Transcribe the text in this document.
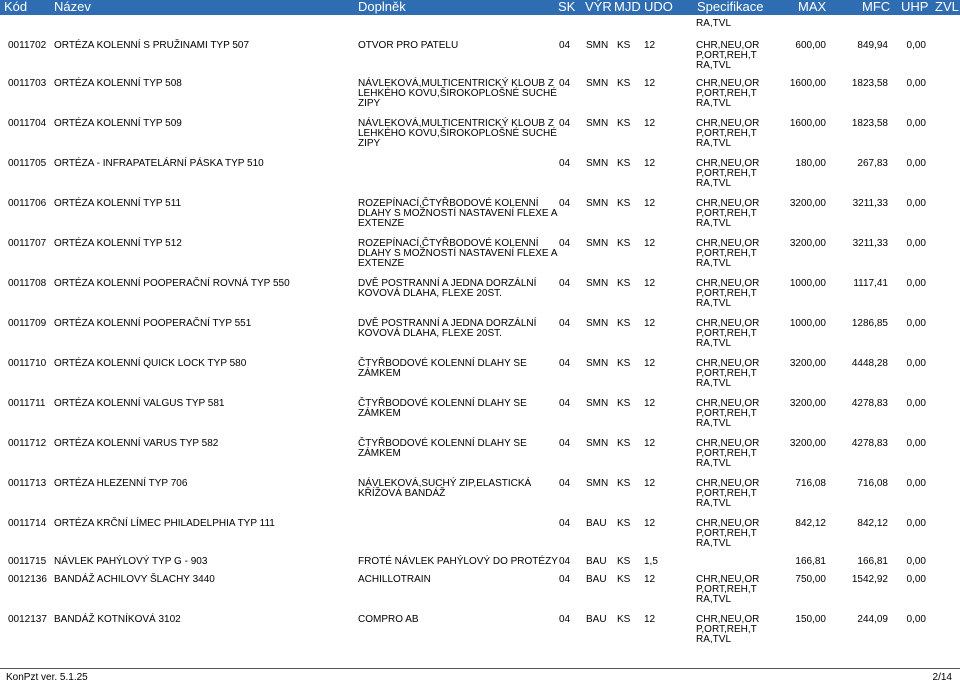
Kód Název	Doplněk	SK VÝR MJD UDO Specifikace	MAX	MFC UHP ZVL
RA,TVL
0011702 ORTÉZA KOLENNÍ S PRUŽINAMI TYP 507	OTVOR PRO PATELU	04 SMN KS 12	CHR,NEU,OR
P,ORT,REH,T
RA,TVL
600,00	849,94 0,00
0011703 ORTÉZA KOLENNÍ TYP 508	NÁVLEKOVÁ,MULTICENTRICKÝ KLOUB Z LEHKÉHO KOVU,ŠIROKOPLOŠNÉ SUCHÉ ZIPY
04 SMN KS 12	CHR,NEU,OR
P,ORT,REH,T
RA,TVL
1600,00	1823,58 0,00
0011704 ORTÉZA KOLENNÍ TYP 509	NÁVLEKOVÁ,MULTICENTRICKÝ KLOUB Z LEHKÉHO KOVU,ŠIROKOPLOŠNÉ SUCHÉ ZIPY
04 SMN KS 12	CHR,NEU,OR
P,ORT,REH,T
RA,TVL
1600,00	1823,58 0,00
0011705 ORTÉZA - INFRAPATELÁRNÍ PÁSKA TYP 510	04 SMN KS 12	CHR,NEU,OR
P,ORT,REH,T
RA,TVL
180,00	267,83 0,00
0011706 ORTÉZA KOLENNÍ TYP 511	ROZEPÍNACÍ,ČTYŘBODOVÉ KOLENNÍ DLAHY S MOŽNOSTÍ NASTAVENÍ FLEXE A EXTENZE
04 SMN KS 12	CHR,NEU,OR
P,ORT,REH,T
RA,TVL
3200,00	3211,33 0,00
0011707 ORTÉZA KOLENNÍ TYP 512	ROZEPÍNACÍ,ČTYŘBODOVÉ KOLENNÍ DLAHY S MOŽNOSTÍ NASTAVENÍ FLEXE A EXTENZE
04 SMN KS 12	CHR,NEU,OR
P,ORT,REH,T
RA,TVL
3200,00	3211,33 0,00
0011708 ORTÉZA KOLENNÍ POOPERAČNÍ ROVNÁ TYP 550	DVĚ POSTRANNÍ A JEDNA DORZÁLNÍ KOVOVÁ DLAHA, FLEXE 20ST.
04 SMN KS 12	CHR,NEU,OR
P,ORT,REH,T
RA,TVL
1000,00	1117,41 0,00
0011709 ORTÉZA KOLENNÍ POOPERAČNÍ TYP 551	DVĚ POSTRANNÍ A JEDNA DORZÁLNÍ KOVOVÁ DLAHA, FLEXE 20ST.
04 SMN KS 12	CHR,NEU,OR
P,ORT,REH,T
RA,TVL
1000,00	1286,85 0,00
0011710 ORTÉZA KOLENNÍ QUICK LOCK TYP 580	ČTYŘBODOVÉ KOLENNÍ DLAHY SE ZÁMKEM
04 SMN KS 12	CHR,NEU,OR
P,ORT,REH,T
RA,TVL
3200,00	4448,28 0,00
0011711 ORTÉZA KOLENNÍ VALGUS TYP 581	ČTYŘBODOVÉ KOLENNÍ DLAHY SE ZÁMKEM
04 SMN KS 12	CHR,NEU,OR
P,ORT,REH,T
RA,TVL
3200,00	4278,83 0,00
0011712 ORTÉZA KOLENNÍ VARUS TYP 582	ČTYŘBODOVÉ KOLENNÍ DLAHY SE ZÁMKEM
04 SMN KS 12	CHR,NEU,OR
P,ORT,REH,T
RA,TVL
3200,00	4278,83 0,00
0011713 ORTÉZA HLEZENNÍ TYP 706	NÁVLEKOVÁ,SUCHÝ ZIP,ELASTICKÁ KŘÍŽOVÁ BANDÁŽ
04 SMN KS 12	CHR,NEU,OR
P,ORT,REH,T
RA,TVL
716,08	716,08 0,00
0011714 ORTÉZA KRČNÍ LÍMEC PHILADELPHIA TYP 111	04 BAU KS 12	CHR,NEU,OR
P,ORT,REH,T
RA,TVL
842,12	842,12 0,00
0011715 NÁVLEK PAHÝLOVÝ TYP G - 903	FROTÉ NÁVLEK PAHÝLOVÝ DO PROTÉZY 04 BAU KS 1,5	166,81	166,81 0,00
0012136 BANDÁŽ ACHILOVY ŠLACHY 3440	ACHILLOTRAIN	04 BAU KS 12	CHR,NEU,OR
P,ORT,REH,T
RA,TVL
750,00	1542,92 0,00
0012137 BANDÁŽ KOTNÍKOVÁ 3102	COMPRO AB	04 BAU KS 12	CHR,NEU,OR
P,ORT,REH,T
RA,TVL
150,00	244,09 0,00
KonPzt ver. 5.1.25	2/14
